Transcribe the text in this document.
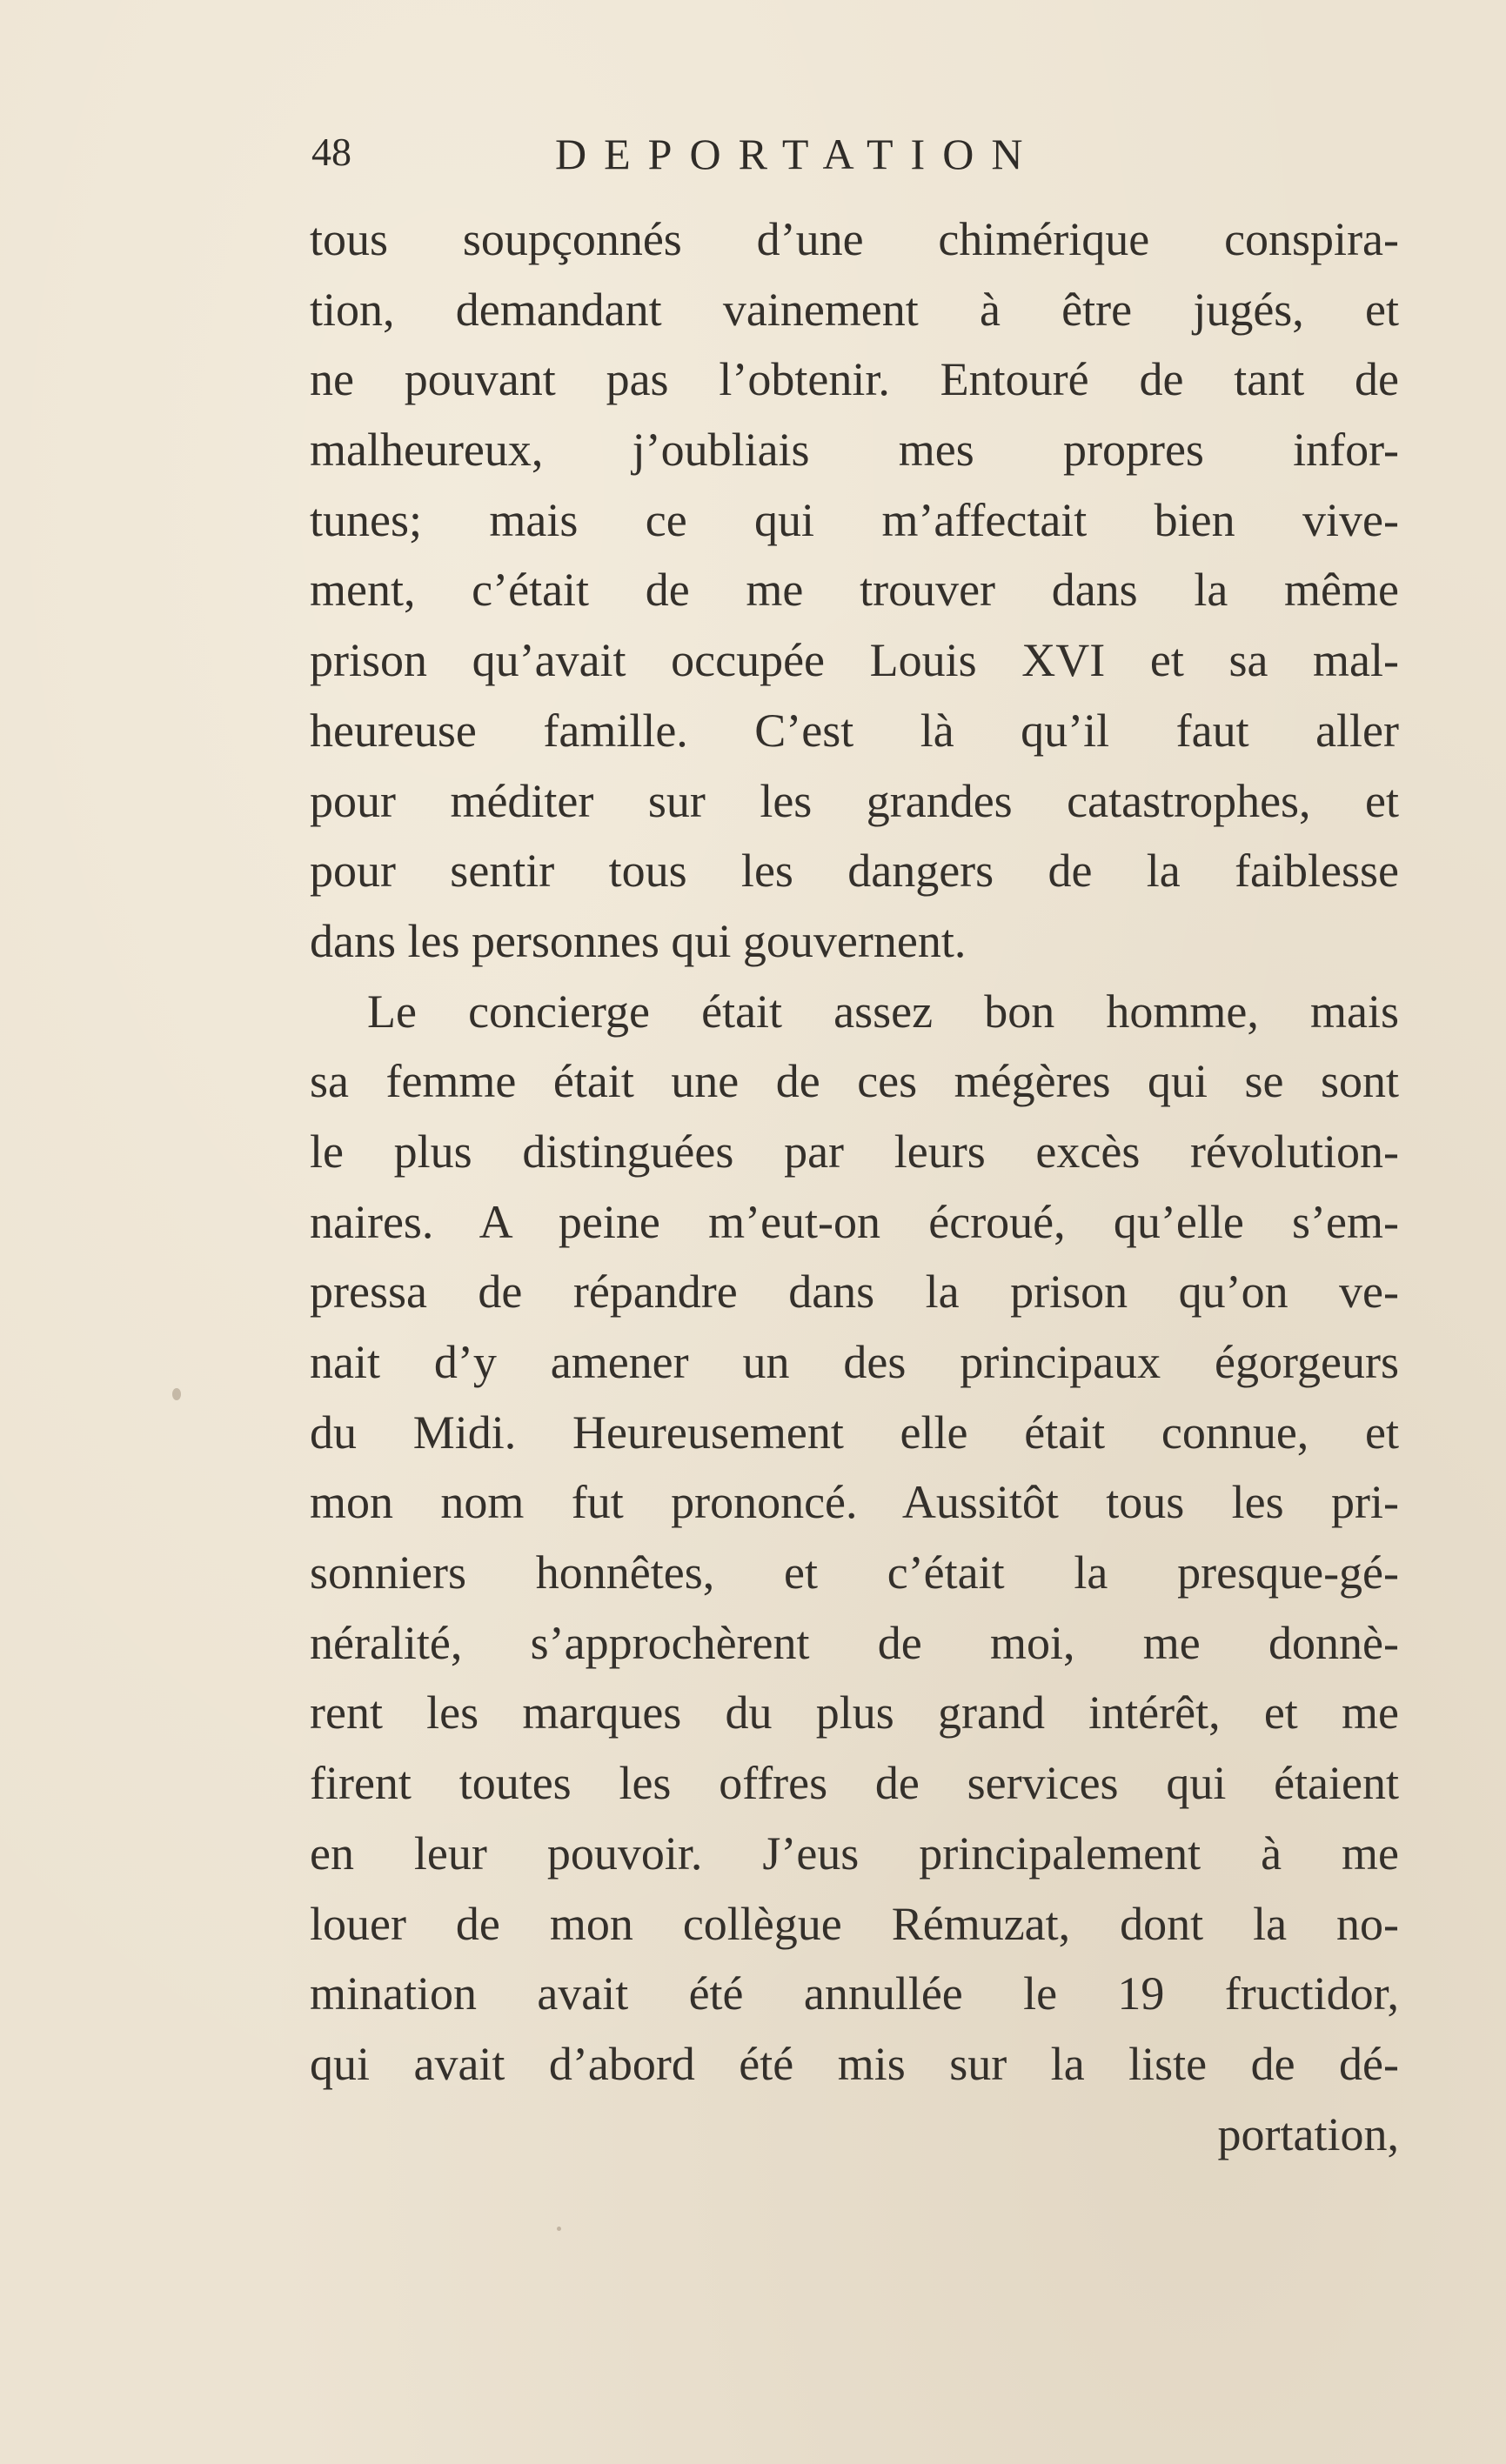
48	DEPORTATION
tous soupçonnés d’une chimérique conspira-
tion, demandant vainement à être jugés, et
ne pouvant pas l’obtenir. Entouré de tant de
malheureux, j’oubliais mes propres infor-
tunes; mais ce qui m’affectait bien vive-
ment, c’était de me trouver dans la même
prison qu’avait occupée Louis XVI et sa mal-
heureuse famille. C’est là qu’il faut aller
pour méditer sur les grandes catastrophes, et
pour sentir tous les dangers de la faiblesse
dans les personnes qui gouvernent.
Le concierge était assez bon homme, mais
sa femme était une de ces mégères qui se sont
le plus distinguées par leurs excès révolution-
naires. A peine m’eut-on écroué, qu’elle s’em-
pressa de répandre dans la prison qu’on ve-
nait d’y amener un des principaux égorgeurs
du Midi. Heureusement elle était connue, et
mon nom fut prononcé. Aussitôt tous les pri-
sonniers honnêtes, et c’était la presque-gé-
néralité, s’approchèrent de moi, me donnè-
rent les marques du plus grand intérêt, et me
firent toutes les offres de services qui étaient
en leur pouvoir. J’eus principalement à me
louer de mon collègue Rémuzat, dont la no-
mination avait été annullée le 19 fructidor,
qui avait d’abord été mis sur la liste de dé-
portation,
